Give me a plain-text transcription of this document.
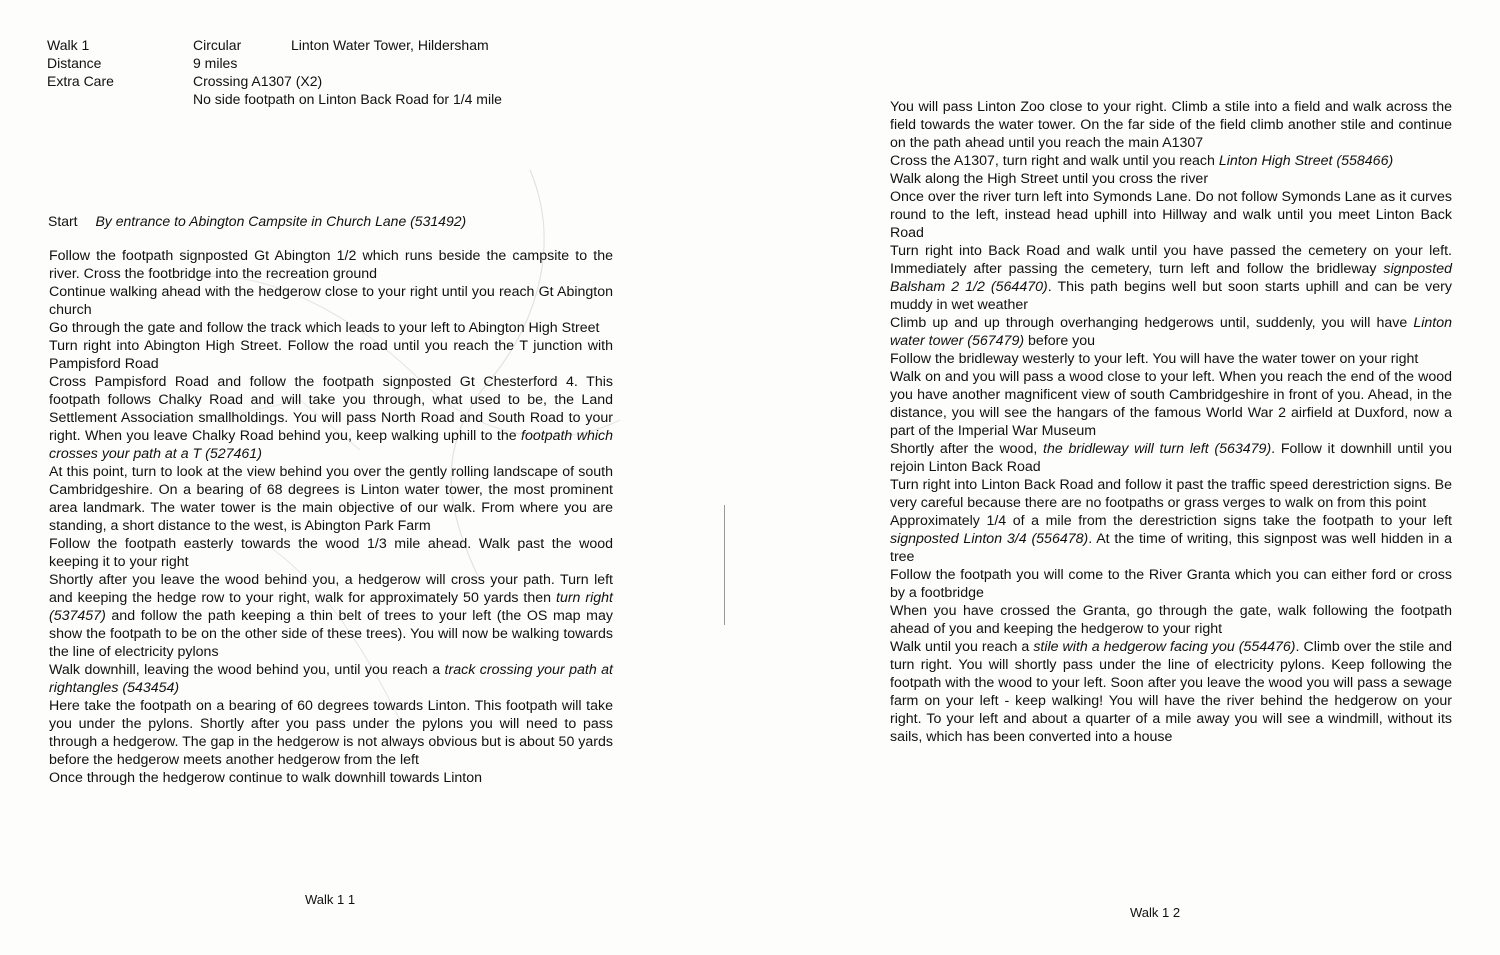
Walk 1	Circular	Linton Water Tower, Hildersham
Distance	9 miles
Extra Care	Crossing A1307 (X2)
No side footpath on Linton Back Road for 1/4 mile
Start By entrance to Abington Campsite in Church Lane (531492)

Follow the footpath signposted Gt Abington 1/2 which runs beside the campsite to the river. Cross the footbridge into the recreation ground

Continue walking ahead with the hedgerow close to your right until you reach Gt Abington church

Go through the gate and follow the track which leads to your left to Abington High Street

Turn right into Abington High Street. Follow the road until you reach the T junction with Pampisford Road

Cross Pampisford Road and follow the footpath signposted Gt Chesterford 4. This footpath follows Chalky Road and will take you through, what used to be, the Land Settlement Association smallholdings. You will pass North Road and South Road to your right. When you leave Chalky Road behind you, keep walking uphill to the footpath which crosses your path at a T (527461)

At this point, turn to look at the view behind you over the gently rolling landscape of south Cambridgeshire. On a bearing of 68 degrees is Linton water tower, the most prominent area landmark. The water tower is the main objective of our walk. From where you are standing, a short distance to the west, is Abington Park Farm

Follow the footpath easterly towards the wood 1/3 mile ahead. Walk past the wood keeping it to your right

Shortly after you leave the wood behind you, a hedgerow will cross your path. Turn left and keeping the hedge row to your right, walk for approximately 50 yards then turn right (537457) and follow the path keeping a thin belt of trees to your left (the OS map may show the footpath to be on the other side of these trees). You will now be walking towards the line of electricity pylons

Walk downhill, leaving the wood behind you, until you reach a track crossing your path at rightangles (543454)

Here take the footpath on a bearing of 60 degrees towards Linton. This footpath will take you under the pylons. Shortly after you pass under the pylons you will need to pass through a hedgerow. The gap in the hedgerow is not always obvious but is about 50 yards before the hedgerow meets another hedgerow from the left

Once through the hedgerow continue to walk downhill towards Linton

Walk 1 1

You will pass Linton Zoo close to your right. Climb a stile into a field and walk across the field towards the water tower. On the far side of the field climb another stile and continue on the path ahead until you reach the main A1307

Cross the A1307, turn right and walk until you reach Linton High Street (558466)

Walk along the High Street until you cross the river

Once over the river turn left into Symonds Lane. Do not follow Symonds Lane as it curves round to the left, instead head uphill into Hillway and walk until you meet Linton Back Road

Turn right into Back Road and walk until you have passed the cemetery on your left. Immediately after passing the cemetery, turn left and follow the bridleway signposted Balsham 2 1/2 (564470). This path begins well but soon starts uphill and can be very muddy in wet weather

Climb up and up through overhanging hedgerows until, suddenly, you will have Linton water tower (567479) before you

Follow the bridleway westerly to your left. You will have the water tower on your right

Walk on and you will pass a wood close to your left. When you reach the end of the wood you have another magnificent view of south Cambridgeshire in front of you. Ahead, in the distance, you will see the hangars of the famous World War 2 airfield at Duxford, now a part of the Imperial War Museum

Shortly after the wood, the bridleway will turn left (563479). Follow it downhill until you rejoin Linton Back Road

Turn right into Linton Back Road and follow it past the traffic speed derestriction signs. Be very careful because there are no footpaths or grass verges to walk on from this point

Approximately 1/4 of a mile from the derestriction signs take the footpath to your left signposted Linton 3/4 (556478). At the time of writing, this signpost was well hidden in a tree

Follow the footpath you will come to the River Granta which you can either ford or cross by a footbridge

When you have crossed the Granta, go through the gate, walk following the footpath ahead of you and keeping the hedgerow to your right

Walk until you reach a stile with a hedgerow facing you (554476). Climb over the stile and turn right. You will shortly pass under the line of electricity pylons. Keep following the footpath with the wood to your left. Soon after you leave the wood you will pass a sewage farm on your left - keep walking! You will have the river behind the hedgerow on your right. To your left and about a quarter of a mile away you will see a windmill, without its sails, which has been converted into a house

Walk 1 2
